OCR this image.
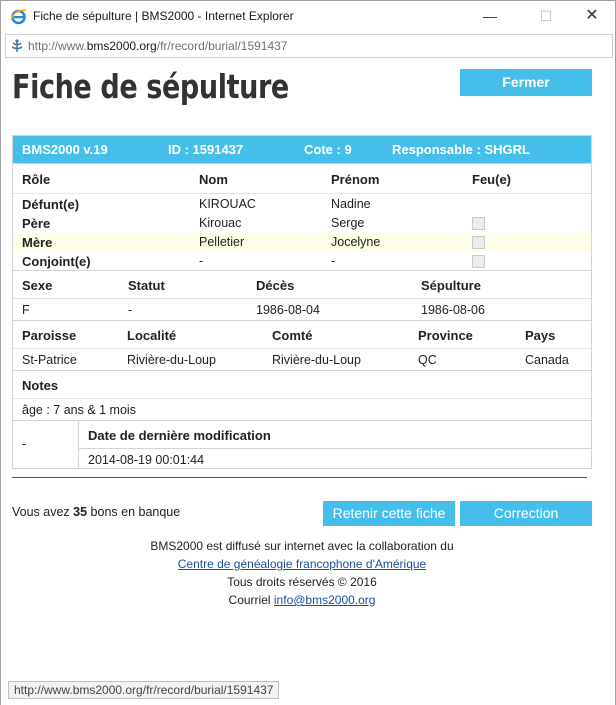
Fiche de sépulture | BMS2000 - Internet Explorer	—	☐ ✕
http://www.bms2000.org/fr/record/burial/1591437
Fiche de sépulture	Fermer
BMS2000 v.19	ID : 1591437	Cote : 9	Responsable : SHGRL
Rôle	Nom	Prénom	Feu(e)
Défunt(e)	KIROUAC	Nadine
Père	Kirouac	Serge
Mère	Pelletier	Jocelyne
Conjoint(e)	-	-
Sexe	Statut	Décès	Sépulture
F	-	1986-08-04	1986-08-06
Paroisse	Localité	Comté	Province	Pays
St-Patrice	Rivière-du-Loup	Rivière-du-Loup	QC	Canada
Notes
âge : 7 ans & 1 mois
-
Date de dernière modification
2014-08-19 00:01:44
Vous avez 35 bons en banque	Retenir cette fiche	Correction
BMS2000 est diffusé sur internet avec la collaboration du
Centre de généalogie francophone d'Amérique
Tous droits réservés © 2016
Courriel info@bms2000.org
http://www.bms2000.org/fr/record/burial/1591437
